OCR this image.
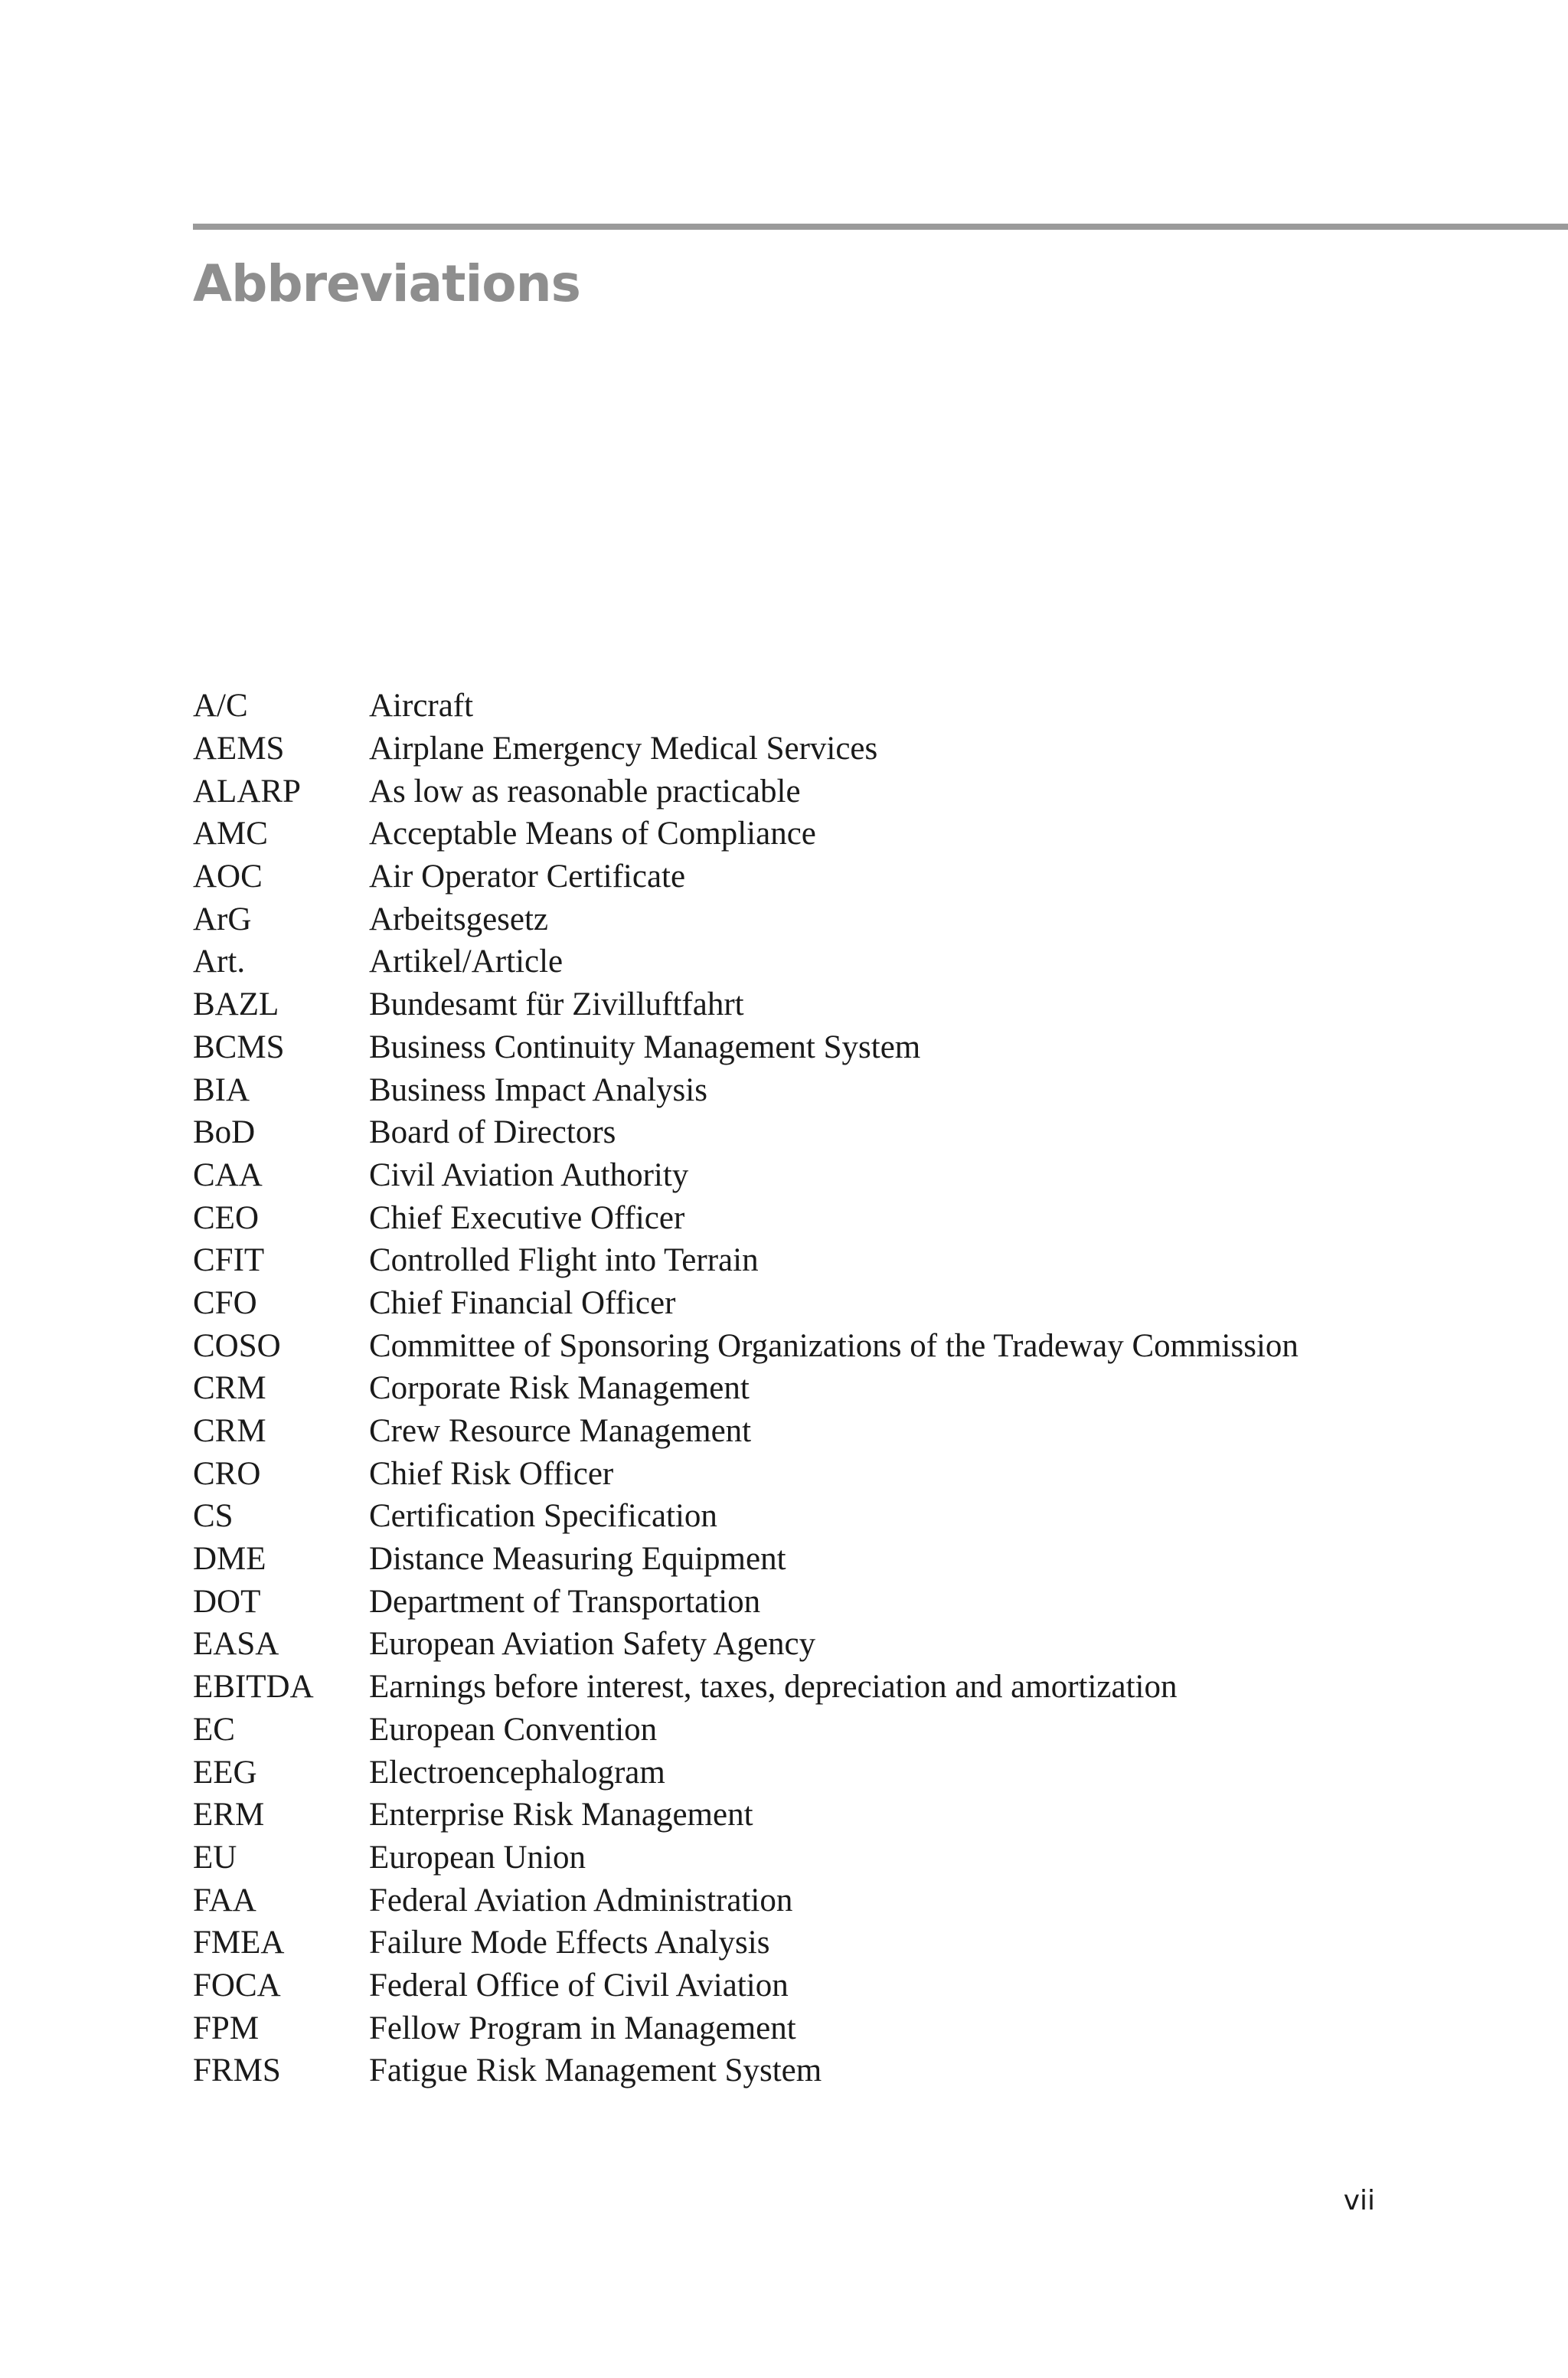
Abbreviations
A/C	Aircraft
AEMS	Airplane Emergency Medical Services
ALARP	As low as reasonable practicable
AMC	Acceptable Means of Compliance
AOC	Air Operator Certificate
ArG	Arbeitsgesetz
Art.	Artikel/Article
BAZL	Bundesamt für Zivilluftfahrt
BCMS	Business Continuity Management System
BIA	Business Impact Analysis
BoD	Board of Directors
CAA	Civil Aviation Authority
CEO	Chief Executive Officer
CFIT	Controlled Flight into Terrain
CFO	Chief Financial Officer
COSO	Committee of Sponsoring Organizations of the Tradeway Commission
CRM	Corporate Risk Management
CRM	Crew Resource Management
CRO	Chief Risk Officer
CS	Certification Specification
DME	Distance Measuring Equipment
DOT	Department of Transportation
EASA	European Aviation Safety Agency
EBITDA	Earnings before interest, taxes, depreciation and amortization
EC	European Convention
EEG	Electroencephalogram
ERM	Enterprise Risk Management
EU	European Union
FAA	Federal Aviation Administration
FMEA	Failure Mode Effects Analysis
FOCA	Federal Office of Civil Aviation
FPM	Fellow Program in Management
FRMS	Fatigue Risk Management System
vii
